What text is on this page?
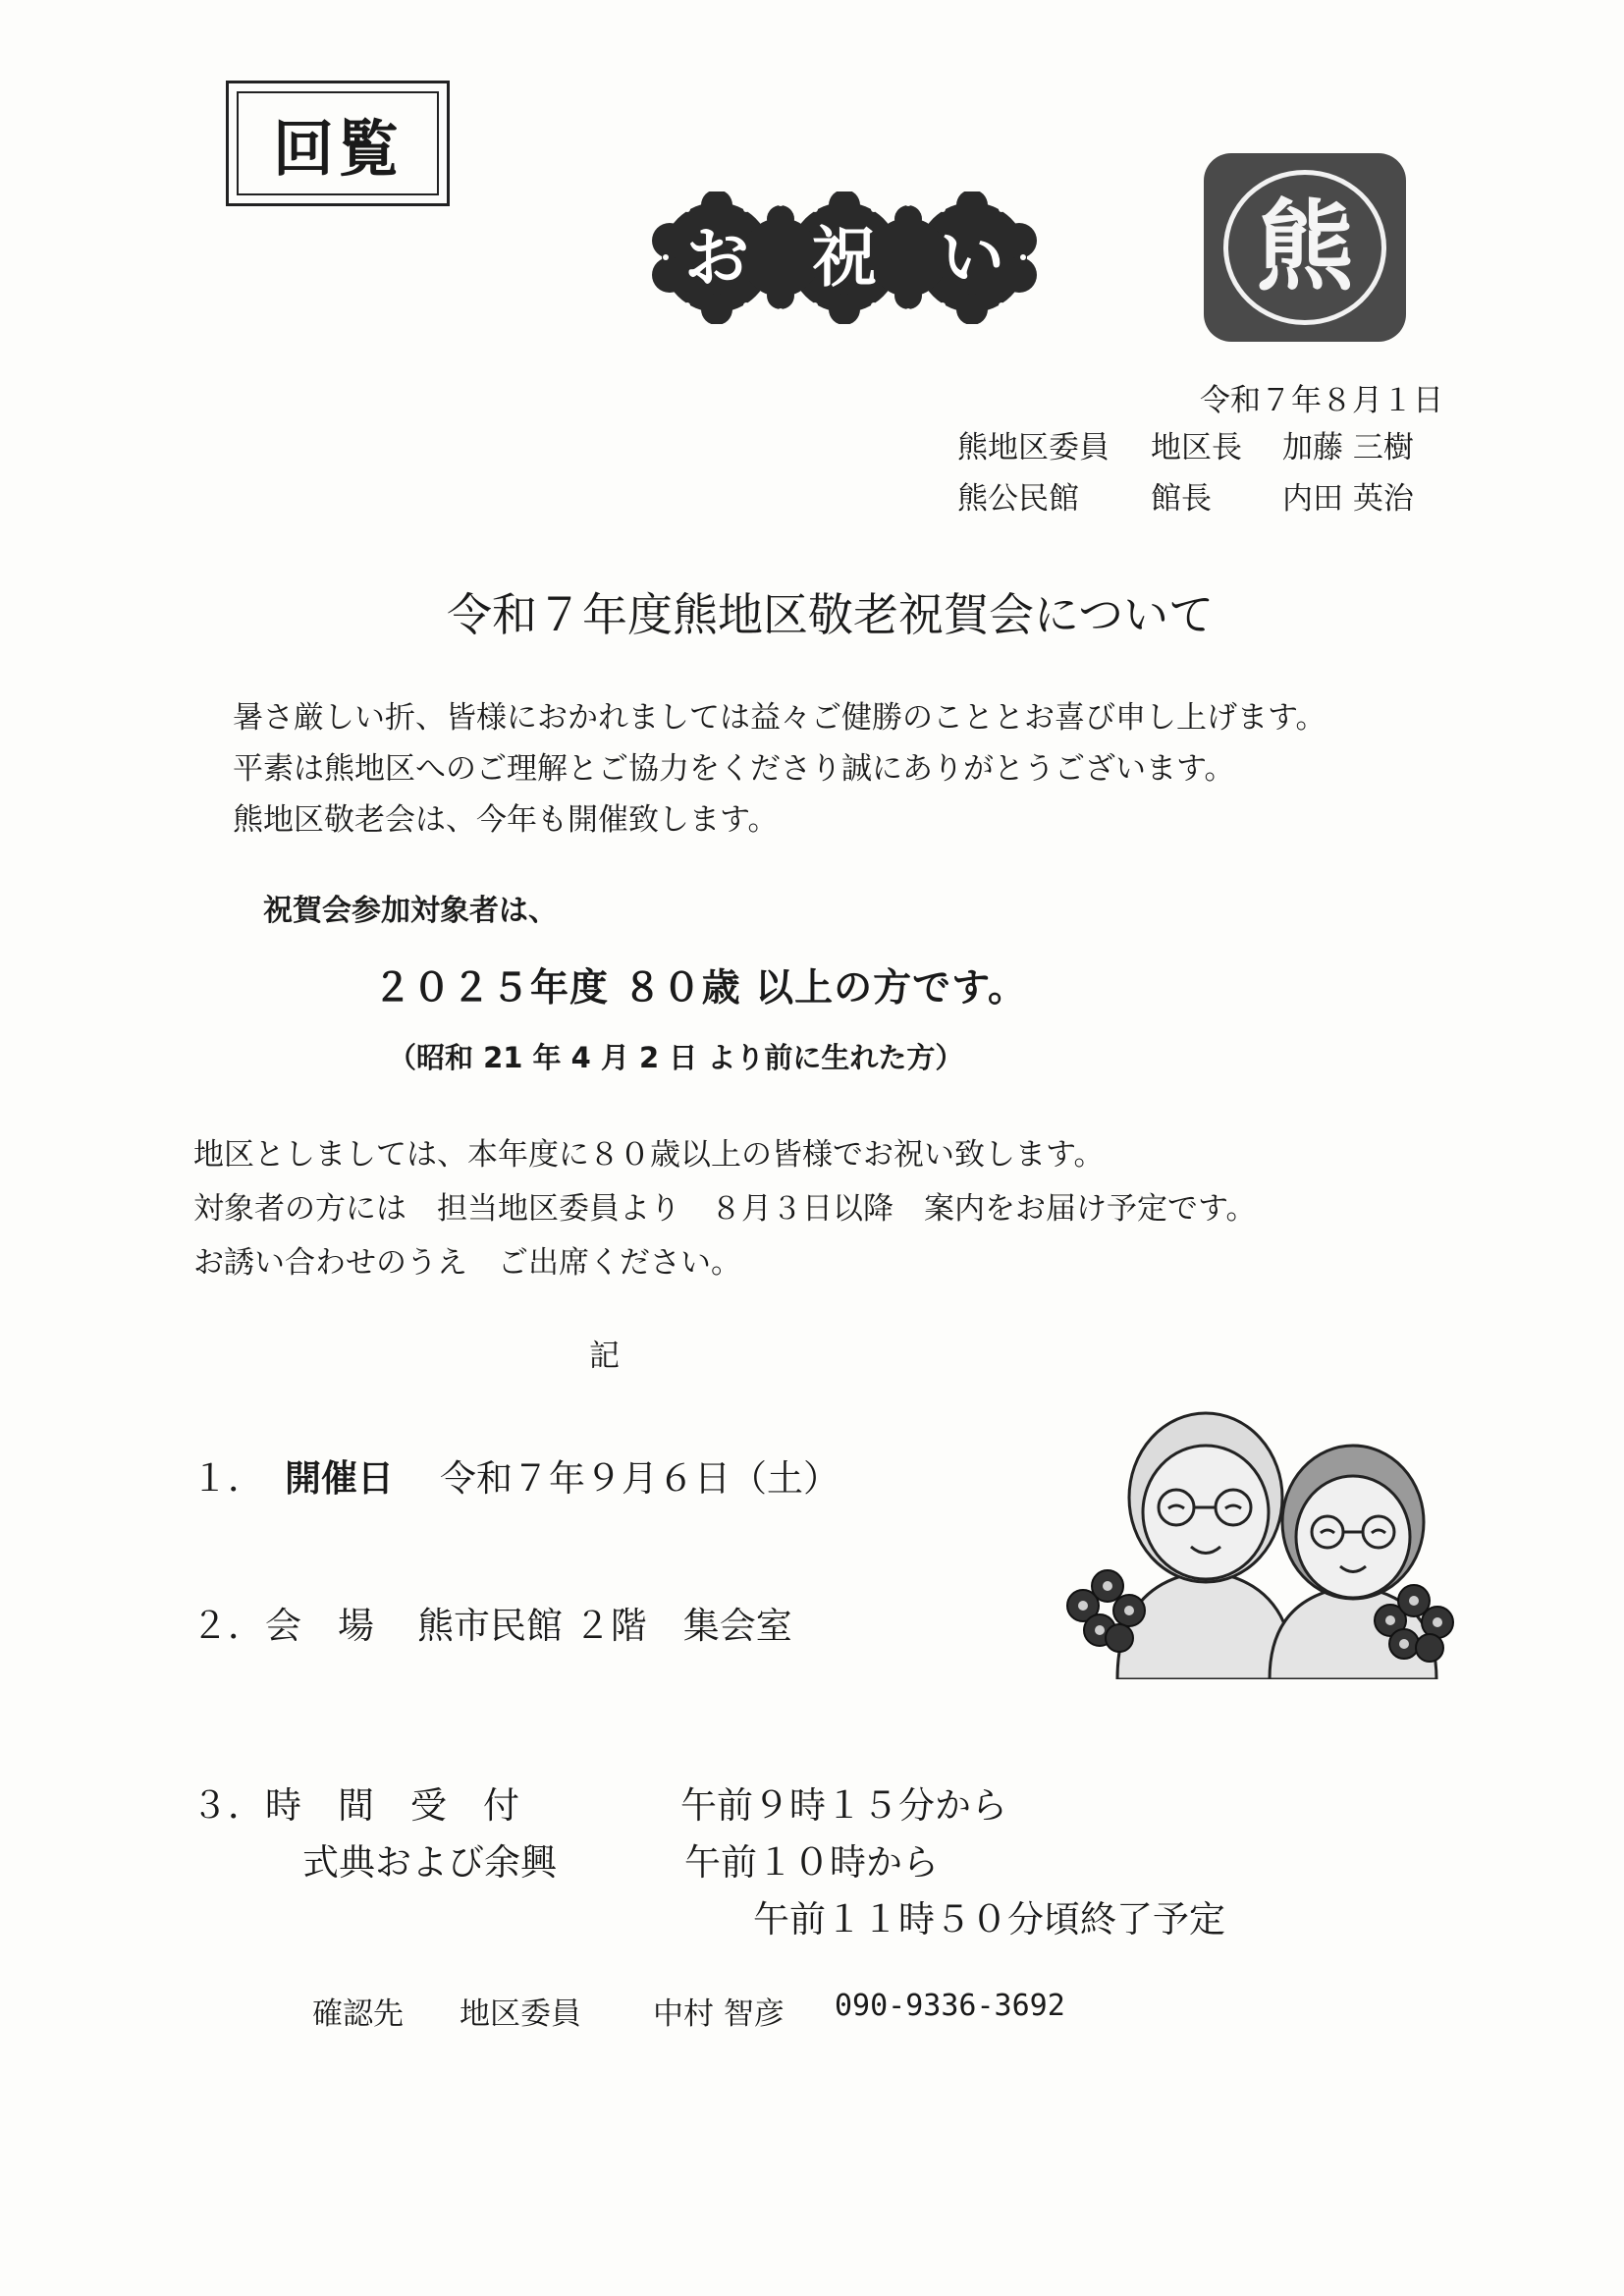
回覧
お 祝 い	熊
令和７年８月１日
熊地区委員 地区長 加藤 三樹
熊公民館 館長 内田 英治
令和７年度熊地区敬老祝賀会について
暑さ厳しい折、皆様におかれましては益々ご健勝のこととお喜び申し上げます。
平素は熊地区へのご理解とご協力をくださり誠にありがとうございます。
熊地区敬老会は、今年も開催致します。
祝賀会参加対象者は、
２０２５年度 ８０歳 以上の方です。
（昭和 21 年 4 月 2 日 より前に生れた方）
地区としましては、本年度に８０歳以上の皆様でお祝い致します。
対象者の方には　担当地区委員より　８月３日以降　案内をお届け予定です。
お誘い合わせのうえ　ご出席ください。
記
１． 開催日 令和７年９月６日（土）
２． 会　場 熊市民館 ２階　集会室
３． 時　間　受　付	午前９時１５分から
式典および余興	午前１０時から
午前１１時５０分頃終了予定
確認先 地区委員 中村 智彦 090-9336-3692
